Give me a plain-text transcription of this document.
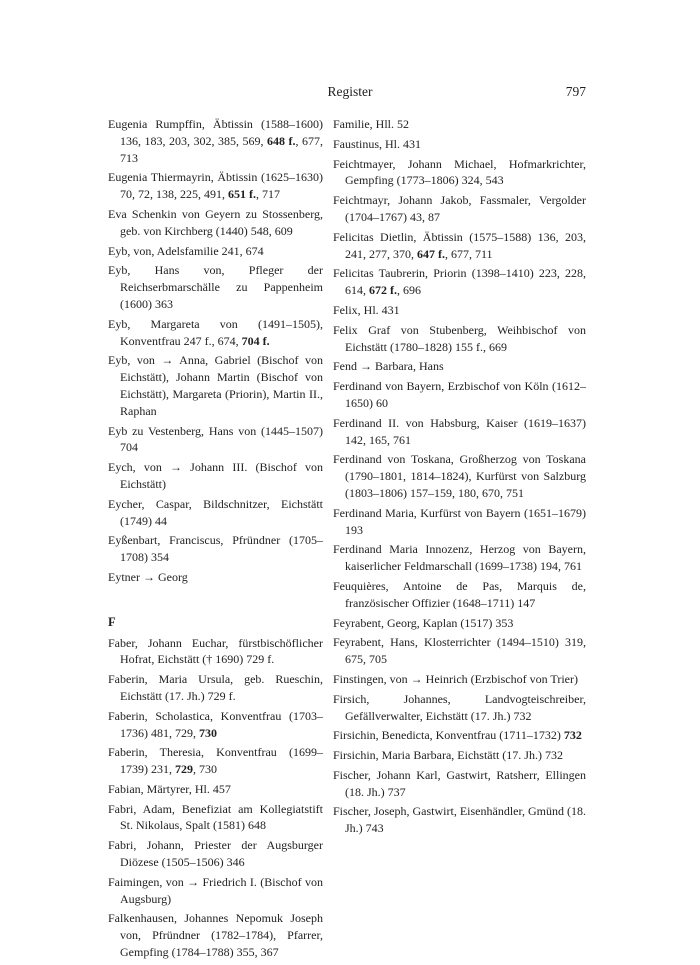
Register	797
Eugenia Rumpffin, Äbtissin (1588–1600) 136, 183, 203, 302, 385, 569, 648 f., 677, 713
Eugenia Thiermayrin, Äbtissin (1625–1630) 70, 72, 138, 225, 491, 651 f., 717
Eva Schenkin von Geyern zu Stossenberg, geb. von Kirchberg (1440) 548, 609
Eyb, von, Adelsfamilie 241, 674
Eyb, Hans von, Pfleger der Reichserbmarschälle zu Pappenheim (1600) 363
Eyb, Margareta von (1491–1505), Konventfrau 247 f., 674, 704 f.
Eyb, von → Anna, Gabriel (Bischof von Eichstätt), Johann Martin (Bischof von Eichstätt), Margareta (Priorin), Martin II., Raphan
Eyb zu Vestenberg, Hans von (1445–1507) 704
Eych, von → Johann III. (Bischof von Eichstätt)
Eycher, Caspar, Bildschnitzer, Eichstätt (1749) 44
Eyßenbart, Franciscus, Pfründner (1705–1708) 354
Eytner → Georg
F
Faber, Johann Euchar, fürstbischöflicher Hofrat, Eichstätt († 1690) 729 f.
Faberin, Maria Ursula, geb. Rueschin, Eichstätt (17. Jh.) 729 f.
Faberin, Scholastica, Konventfrau (1703–1736) 481, 729, 730
Faberin, Theresia, Konventfrau (1699–1739) 231, 729, 730
Fabian, Märtyrer, Hl. 457
Fabri, Adam, Benefiziat am Kollegiatstift St. Nikolaus, Spalt (1581) 648
Fabri, Johann, Priester der Augsburger Diözese (1505–1506) 346
Faimingen, von → Friedrich I. (Bischof von Augsburg)
Falkenhausen, Johannes Nepomuk Joseph von, Pfründner (1782–1784), Pfarrer, Gempfing (1784–1788) 355, 367
Familie, Hll. 52
Faustinus, Hl. 431
Feichtmayer, Johann Michael, Hofmarkrichter, Gempfing (1773–1806) 324, 543
Feichtmayr, Johann Jakob, Fassmaler, Vergolder (1704–1767) 43, 87
Felicitas Dietlin, Äbtissin (1575–1588) 136, 203, 241, 277, 370, 647 f., 677, 711
Felicitas Taubrerin, Priorin (1398–1410) 223, 228, 614, 672 f., 696
Felix, Hl. 431
Felix Graf von Stubenberg, Weihbischof von Eichstätt (1780–1828) 155 f., 669
Fend → Barbara, Hans
Ferdinand von Bayern, Erzbischof von Köln (1612–1650) 60
Ferdinand II. von Habsburg, Kaiser (1619–1637) 142, 165, 761
Ferdinand von Toskana, Großherzog von Toskana (1790–1801, 1814–1824), Kurfürst von Salzburg (1803–1806) 157–159, 180, 670, 751
Ferdinand Maria, Kurfürst von Bayern (1651–1679) 193
Ferdinand Maria Innozenz, Herzog von Bayern, kaiserlicher Feldmarschall (1699–1738) 194, 761
Feuquières, Antoine de Pas, Marquis de, französischer Offizier (1648–1711) 147
Feyrabent, Georg, Kaplan (1517) 353
Feyrabent, Hans, Klosterrichter (1494–1510) 319, 675, 705
Finstingen, von → Heinrich (Erzbischof von Trier)
Firsich, Johannes, Landvogteischreiber, Gefällverwalter, Eichstätt (17. Jh.) 732
Firsichin, Benedicta, Konventfrau (1711–1732) 732
Firsichin, Maria Barbara, Eichstätt (17. Jh.) 732
Fischer, Johann Karl, Gastwirt, Ratsherr, Ellingen (18. Jh.) 737
Fischer, Joseph, Gastwirt, Eisenhändler, Gmünd (18. Jh.) 743
